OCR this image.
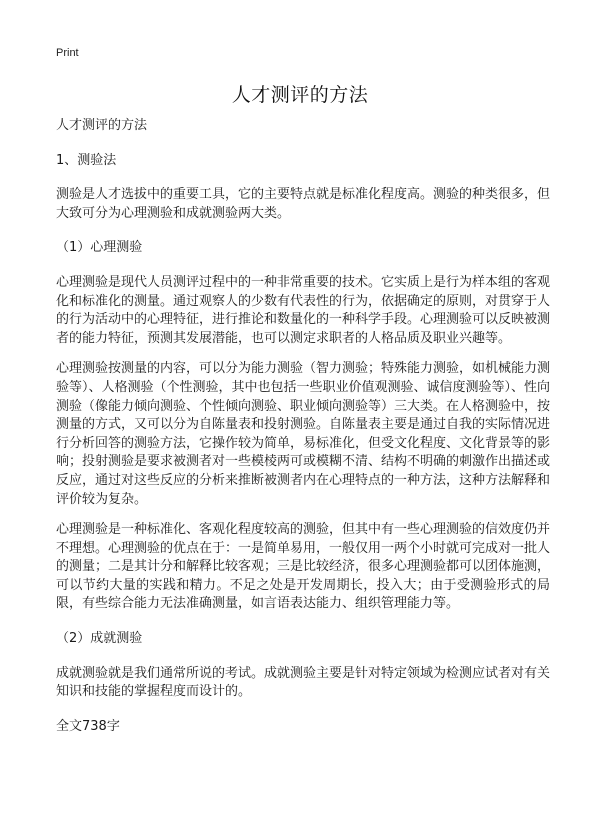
Print
人才测评的方法

人才测评的方法

1、测验法

测验是人才选拔中的重要工具，它的主要特点就是标准化程度高。测验的种类很多，但大致可分为心理测验和成就测验两大类。

（1）心理测验

心理测验是现代人员测评过程中的一种非常重要的技术。它实质上是行为样本组的客观化和标准化的测量。通过观察人的少数有代表性的行为，依据确定的原则，对贯穿于人的行为活动中的心理特征，进行推论和数量化的一种科学手段。心理测验可以反映被测者的能力特征，预测其发展潜能，也可以测定求职者的人格品质及职业兴趣等。

心理测验按测量的内容，可以分为能力测验（智力测验；特殊能力测验，如机械能力测验等）、人格测验（个性测验，其中也包括一些职业价值观测验、诚信度测验等）、性向测验（像能力倾向测验、个性倾向测验、职业倾向测验等）三大类。在人格测验中，按测量的方式，又可以分为自陈量表和投射测验。自陈量表主要是通过自我的实际情况进行分析回答的测验方法，它操作较为简单，易标准化，但受文化程度、文化背景等的影响；投射测验是要求被测者对一些模棱两可或模糊不清、结构不明确的刺激作出描述或反应，通过对这些反应的分析来推断被测者内在心理特点的一种方法，这种方法解释和评价较为复杂。

心理测验是一种标准化、客观化程度较高的测验，但其中有一些心理测验的信效度仍并不理想。心理测验的优点在于：一是简单易用，一般仅用一两个小时就可完成对一批人的测量；二是其计分和解释比较客观；三是比较经济，很多心理测验都可以团体施测，可以节约大量的实践和精力。不足之处是开发周期长，投入大；由于受测验形式的局限，有些综合能力无法准确测量，如言语表达能力、组织管理能力等。

（2）成就测验

成就测验就是我们通常所说的考试。成就测验主要是针对特定领域为检测应试者对有关知识和技能的掌握程度而设计的。

全文738字
